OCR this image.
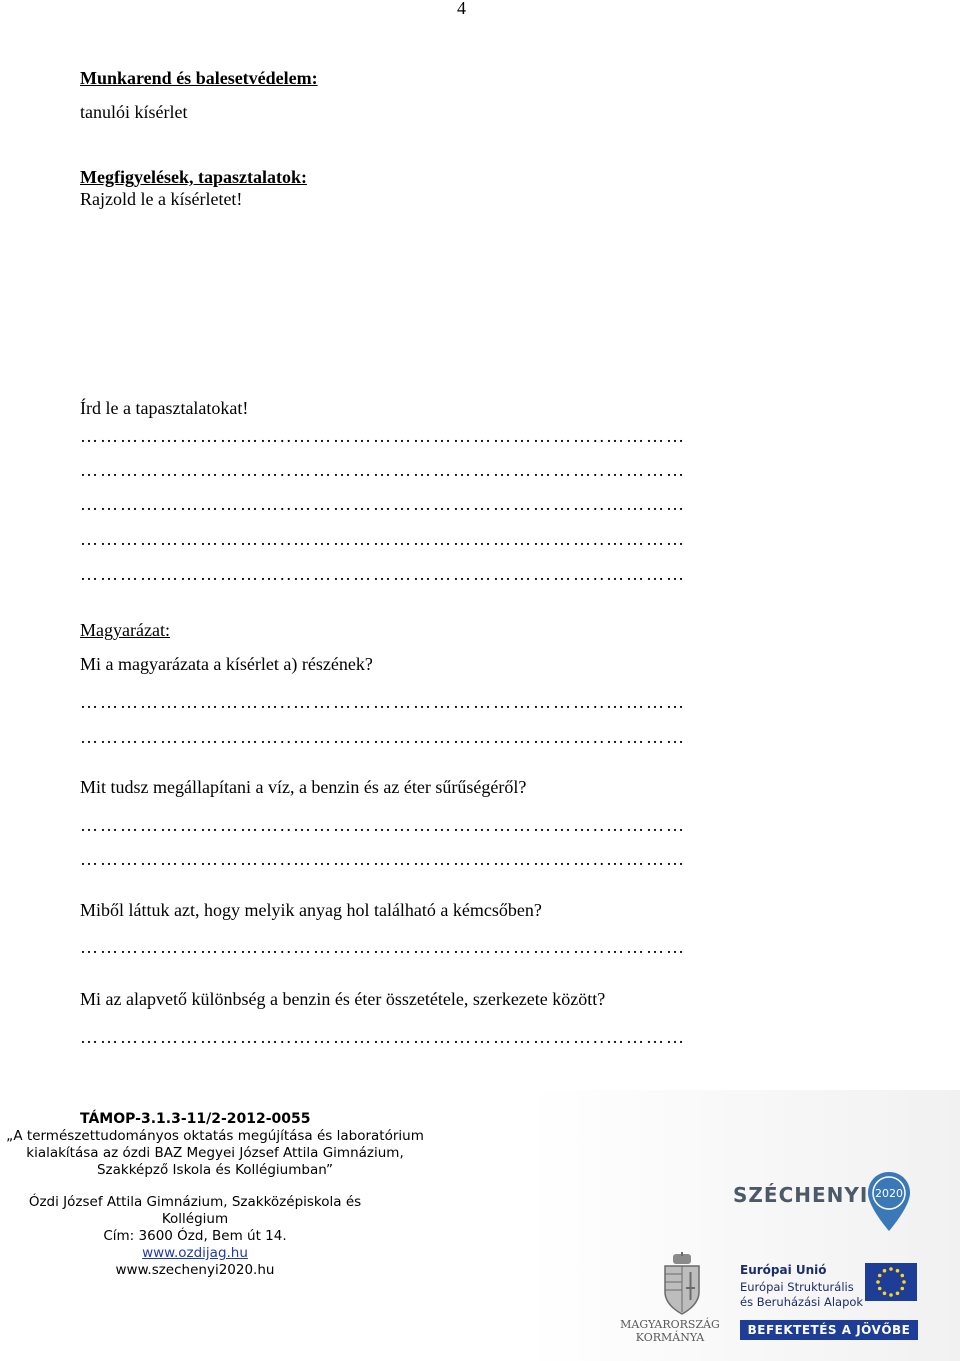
4
Munkarend és balesetvédelem:
tanulói kísérlet
Megfigyelések, tapasztalatok:
Rajzold le a kísérletet!
Írd le a tapasztalatokat!
…………………………..………………………………………..…………
…………………………..………………………………………..…………
…………………………..………………………………………..…………
…………………………..………………………………………..…………
…………………………..………………………………………..…………
Magyarázat:
Mi a magyarázata a kísérlet a) részének?
…………………………..………………………………………..…………
…………………………..………………………………………..…………
Mit tudsz megállapítani a víz, a benzin és az éter sűrűségéről?
…………………………..………………………………………..…………
…………………………..………………………………………..…………
Miből láttuk azt, hogy melyik anyag hol található a kémcsőben?
…………………………..………………………………………..…………
Mi az alapvető különbség a benzin és éter összetétele, szerkezete között?
…………………………..………………………………………..…………
TÁMOP-3.1.3-11/2-2012-0055
„A természettudományos oktatás megújítása és laboratórium
kialakítása az ózdi BAZ Megyei József Attila Gimnázium,
Szakképző Iskola és Kollégiumban”
Ózdi József Attila Gimnázium, Szakközépiskola és
Kollégium
Cím: 3600 Ózd, Bem út 14.
www.ozdijag.hu
www.szechenyi2020.hu
SZÉCHENYI 2020
MAGYARORSZÁG
KORMÁNYA
Európai Unió
Európai Strukturális
és Beruházási Alapok
BEFEKTETÉS A JÖVŐBE
